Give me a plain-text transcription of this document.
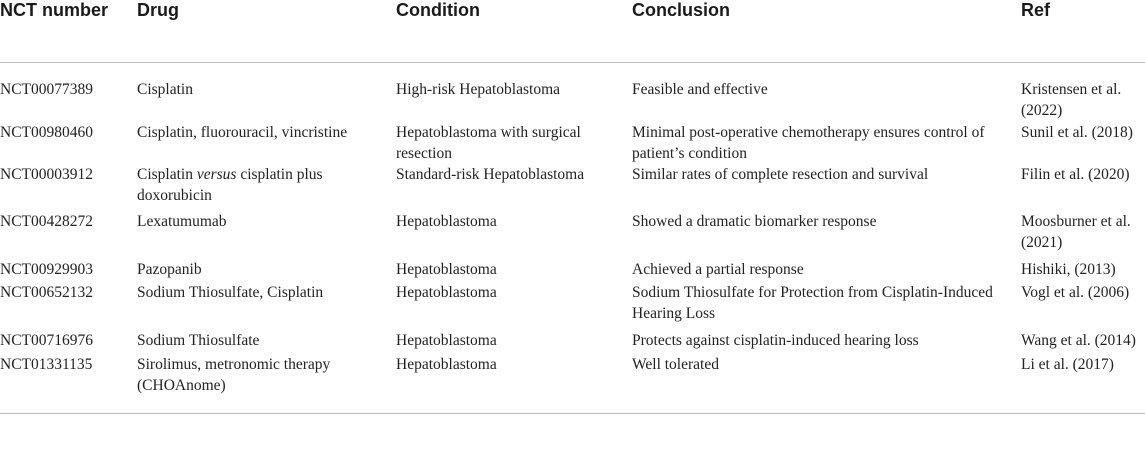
NCT number	Drug	Condition	Conclusion	Ref
NCT00077389	Cisplatin	High-risk Hepatoblastoma	Feasible and effective	Kristensen et al. (2022)
NCT00980460	Cisplatin, fluorouracil, vincristine	Hepatoblastoma with surgical resection	Minimal post-operative chemotherapy ensures control of patient’s condition	Sunil et al. (2018)
NCT00003912	Cisplatin versus cisplatin plus doxorubicin	Standard-risk Hepatoblastoma	Similar rates of complete resection and survival	Filin et al. (2020)
NCT00428272	Lexatumumab	Hepatoblastoma	Showed a dramatic biomarker response	Moosburner et al. (2021)
NCT00929903	Pazopanib	Hepatoblastoma	Achieved a partial response	Hishiki, (2013)
NCT00652132	Sodium Thiosulfate, Cisplatin	Hepatoblastoma	Sodium Thiosulfate for Protection from Cisplatin-Induced Hearing Loss	Vogl et al. (2006)
NCT00716976	Sodium Thiosulfate	Hepatoblastoma	Protects against cisplatin-induced hearing loss	Wang et al. (2014)
NCT01331135	Sirolimus, metronomic therapy (CHOAnome)	Hepatoblastoma	Well tolerated	Li et al. (2017)
